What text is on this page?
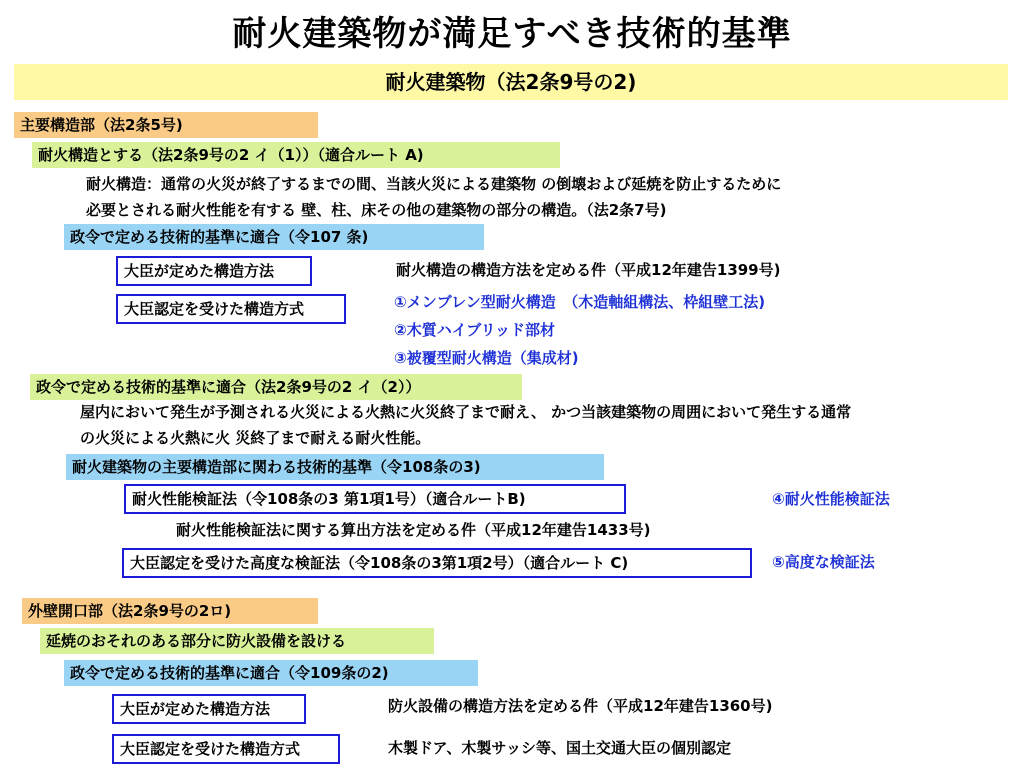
耐火建築物が満足すべき技術的基準
耐火建築物（法2条9号の2)
主要構造部（法2条5号)
耐火構造とする（法2条9号の2 イ（1））（適合ルート A)
耐火構造：通常の火災が終了するまでの間、当該火災による建築物 の倒壊および延焼を防止するために
必要とされる耐火性能を有する 壁、柱、床その他の建築物の部分の構造。（法2条7号)
政令で定める技術的基準に適合（令107 条)
大臣が定めた構造方法	耐火構造の構造方法を定める件（平成12年建告1399号)
大臣認定を受けた構造方式	①メンブレン型耐火構造　（木造軸組構法、枠組壁工法)
②木質ハイブリッド部材
③被覆型耐火構造（集成材)
政令で定める技術的基準に適合（法2条9号の2 イ（2））
屋内において発生が予測される火災による火熱に火災終了まで耐え、 かつ当該建築物の周囲において発生する通常
の火災による火熱に火 災終了まで耐える耐火性能。
耐火建築物の主要構造部に関わる技術的基準（令108条の3)
耐火性能検証法（令108条の3 第1項1号）（適合ルートB)	④耐火性能検証法
耐火性能検証法に関する算出方法を定める件（平成12年建告1433号)
大臣認定を受けた高度な検証法（令108条の3第1項2号）（適合ルート C)	⑤高度な検証法
外壁開口部（法2条9号の2ロ)
延焼のおそれのある部分に防火設備を設ける
政令で定める技術的基準に適合（令109条の2)
大臣が定めた構造方法	防火設備の構造方法を定める件（平成12年建告1360号)
大臣認定を受けた構造方式	木製ドア、木製サッシ等、国土交通大臣の個別認定
